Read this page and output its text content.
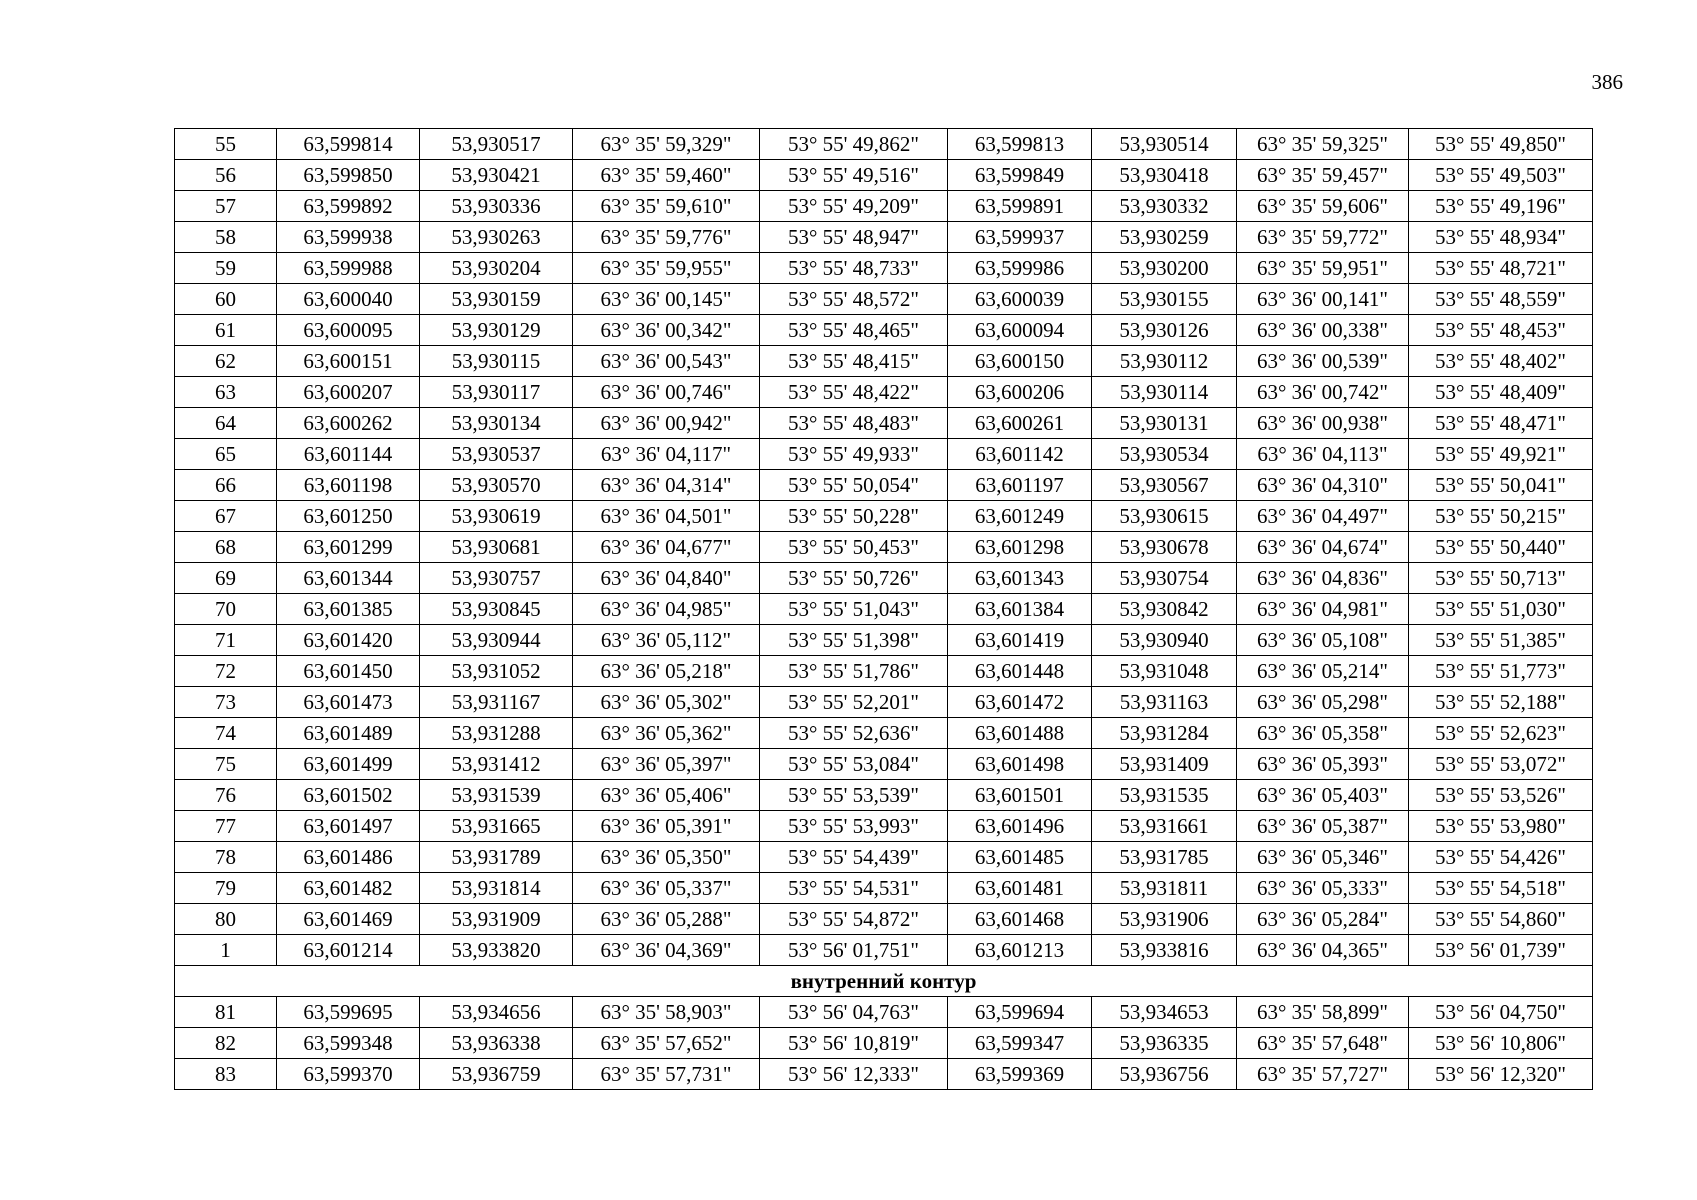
386
55	63,599814	53,930517	63° 35' 59,329"	53° 55' 49,862"	63,599813	53,930514	63° 35' 59,325"	53° 55' 49,850"
56	63,599850	53,930421	63° 35' 59,460"	53° 55' 49,516"	63,599849	53,930418	63° 35' 59,457"	53° 55' 49,503"
57	63,599892	53,930336	63° 35' 59,610"	53° 55' 49,209"	63,599891	53,930332	63° 35' 59,606"	53° 55' 49,196"
58	63,599938	53,930263	63° 35' 59,776"	53° 55' 48,947"	63,599937	53,930259	63° 35' 59,772"	53° 55' 48,934"
59	63,599988	53,930204	63° 35' 59,955"	53° 55' 48,733"	63,599986	53,930200	63° 35' 59,951"	53° 55' 48,721"
60	63,600040	53,930159	63° 36' 00,145"	53° 55' 48,572"	63,600039	53,930155	63° 36' 00,141"	53° 55' 48,559"
61	63,600095	53,930129	63° 36' 00,342"	53° 55' 48,465"	63,600094	53,930126	63° 36' 00,338"	53° 55' 48,453"
62	63,600151	53,930115	63° 36' 00,543"	53° 55' 48,415"	63,600150	53,930112	63° 36' 00,539"	53° 55' 48,402"
63	63,600207	53,930117	63° 36' 00,746"	53° 55' 48,422"	63,600206	53,930114	63° 36' 00,742"	53° 55' 48,409"
64	63,600262	53,930134	63° 36' 00,942"	53° 55' 48,483"	63,600261	53,930131	63° 36' 00,938"	53° 55' 48,471"
65	63,601144	53,930537	63° 36' 04,117"	53° 55' 49,933"	63,601142	53,930534	63° 36' 04,113"	53° 55' 49,921"
66	63,601198	53,930570	63° 36' 04,314"	53° 55' 50,054"	63,601197	53,930567	63° 36' 04,310"	53° 55' 50,041"
67	63,601250	53,930619	63° 36' 04,501"	53° 55' 50,228"	63,601249	53,930615	63° 36' 04,497"	53° 55' 50,215"
68	63,601299	53,930681	63° 36' 04,677"	53° 55' 50,453"	63,601298	53,930678	63° 36' 04,674"	53° 55' 50,440"
69	63,601344	53,930757	63° 36' 04,840"	53° 55' 50,726"	63,601343	53,930754	63° 36' 04,836"	53° 55' 50,713"
70	63,601385	53,930845	63° 36' 04,985"	53° 55' 51,043"	63,601384	53,930842	63° 36' 04,981"	53° 55' 51,030"
71	63,601420	53,930944	63° 36' 05,112"	53° 55' 51,398"	63,601419	53,930940	63° 36' 05,108"	53° 55' 51,385"
72	63,601450	53,931052	63° 36' 05,218"	53° 55' 51,786"	63,601448	53,931048	63° 36' 05,214"	53° 55' 51,773"
73	63,601473	53,931167	63° 36' 05,302"	53° 55' 52,201"	63,601472	53,931163	63° 36' 05,298"	53° 55' 52,188"
74	63,601489	53,931288	63° 36' 05,362"	53° 55' 52,636"	63,601488	53,931284	63° 36' 05,358"	53° 55' 52,623"
75	63,601499	53,931412	63° 36' 05,397"	53° 55' 53,084"	63,601498	53,931409	63° 36' 05,393"	53° 55' 53,072"
76	63,601502	53,931539	63° 36' 05,406"	53° 55' 53,539"	63,601501	53,931535	63° 36' 05,403"	53° 55' 53,526"
77	63,601497	53,931665	63° 36' 05,391"	53° 55' 53,993"	63,601496	53,931661	63° 36' 05,387"	53° 55' 53,980"
78	63,601486	53,931789	63° 36' 05,350"	53° 55' 54,439"	63,601485	53,931785	63° 36' 05,346"	53° 55' 54,426"
79	63,601482	53,931814	63° 36' 05,337"	53° 55' 54,531"	63,601481	53,931811	63° 36' 05,333"	53° 55' 54,518"
80	63,601469	53,931909	63° 36' 05,288"	53° 55' 54,872"	63,601468	53,931906	63° 36' 05,284"	53° 55' 54,860"
1	63,601214	53,933820	63° 36' 04,369"	53° 56' 01,751"	63,601213	53,933816	63° 36' 04,365"	53° 56' 01,739"
внутренний контур								
81	63,599695	53,934656	63° 35' 58,903"	53° 56' 04,763"	63,599694	53,934653	63° 35' 58,899"	53° 56' 04,750"
82	63,599348	53,936338	63° 35' 57,652"	53° 56' 10,819"	63,599347	53,936335	63° 35' 57,648"	53° 56' 10,806"
83	63,599370	53,936759	63° 35' 57,731"	53° 56' 12,333"	63,599369	53,936756	63° 35' 57,727"	53° 56' 12,320"
